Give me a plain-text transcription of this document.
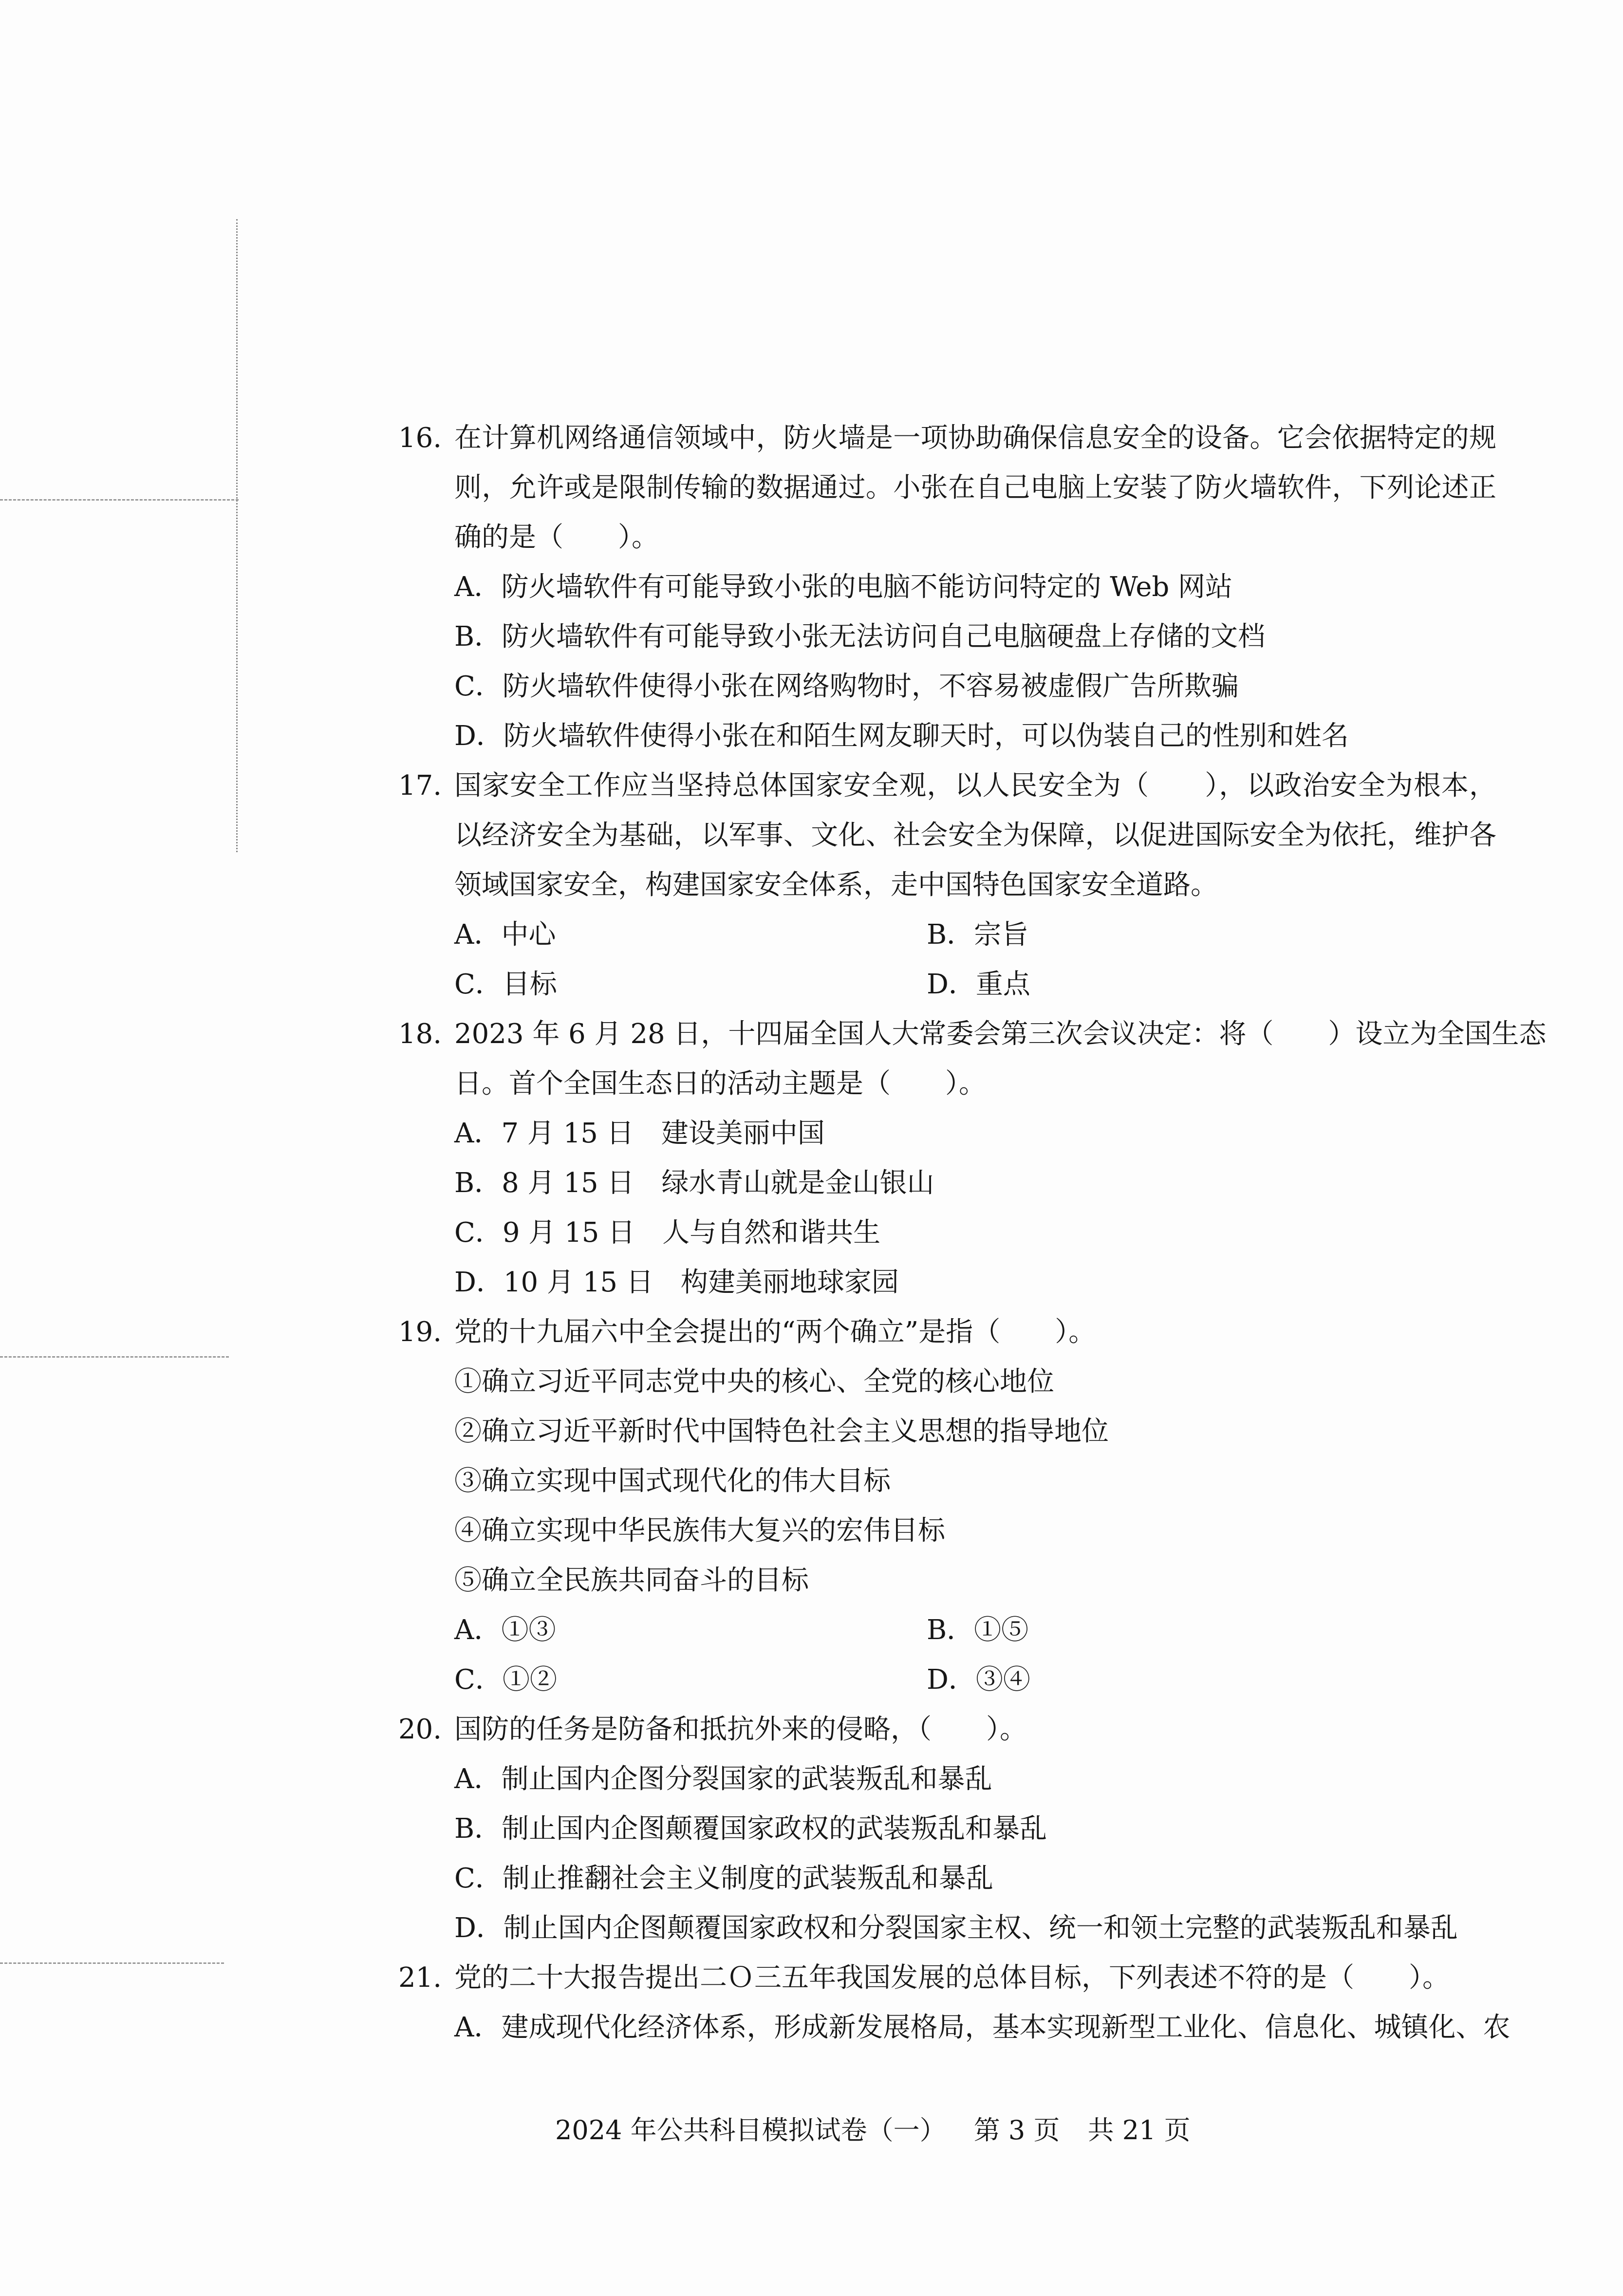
16. 在计算机网络通信领域中，防火墙是一项协助确保信息安全的设备。它会依据特定的规
则，允许或是限制传输的数据通过。小张在自己电脑上安装了防火墙软件，下列论述正
确的是（　　）。
A．防火墙软件有可能导致小张的电脑不能访问特定的 Web 网站
B．防火墙软件有可能导致小张无法访问自己电脑硬盘上存储的文档
C．防火墙软件使得小张在网络购物时，不容易被虚假广告所欺骗
D．防火墙软件使得小张在和陌生网友聊天时，可以伪装自己的性别和姓名
17. 国家安全工作应当坚持总体国家安全观，以人民安全为（　　），以政治安全为根本，
以经济安全为基础，以军事、文化、社会安全为保障，以促进国际安全为依托，维护各
领域国家安全，构建国家安全体系，走中国特色国家安全道路。
A．中心	B．宗旨
C．目标	D．重点
18. 2023 年 6 月 28 日，十四届全国人大常委会第三次会议决定：将（　　）设立为全国生态
日。首个全国生态日的活动主题是（　　）。
A．7 月 15 日　建设美丽中国
B．8 月 15 日　绿水青山就是金山银山
C．9 月 15 日　人与自然和谐共生
D．10 月 15 日　构建美丽地球家园
19. 党的十九届六中全会提出的“两个确立”是指（　　）。
①确立习近平同志党中央的核心、全党的核心地位
②确立习近平新时代中国特色社会主义思想的指导地位
③确立实现中国式现代化的伟大目标
④确立实现中华民族伟大复兴的宏伟目标
⑤确立全民族共同奋斗的目标
A．①③	B．①⑤
C．①②	D．③④
20. 国防的任务是防备和抵抗外来的侵略，（　　）。
A．制止国内企图分裂国家的武装叛乱和暴乱
B．制止国内企图颠覆国家政权的武装叛乱和暴乱
C．制止推翻社会主义制度的武装叛乱和暴乱
D．制止国内企图颠覆国家政权和分裂国家主权、统一和领土完整的武装叛乱和暴乱
21. 党的二十大报告提出二Ｏ三五年我国发展的总体目标，下列表述不符的是（　　）。
A．建成现代化经济体系，形成新发展格局，基本实现新型工业化、信息化、城镇化、农
2024 年公共科目模拟试卷（一） 第 3 页 共 21 页
